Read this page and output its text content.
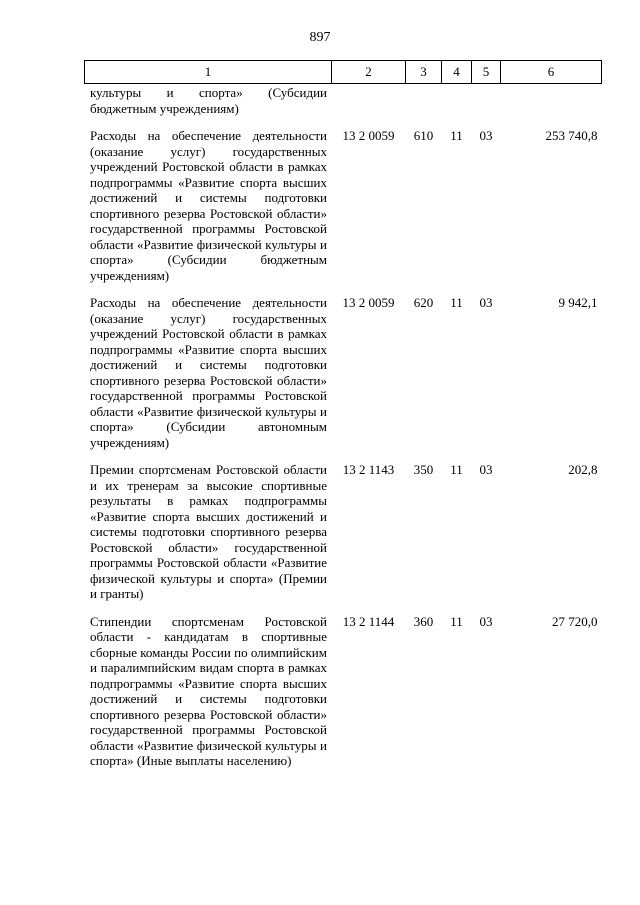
897
1	2	3	4	5	6
культуры и спорта» (Субсидии бюджетным учреждениям)					

Расходы на обеспечение деятельности (оказание услуг) государственных учреждений Ростовской области в рамках подпрограммы «Развитие спорта высших достижений и системы подготовки спортивного резерва Ростовской области» государственной программы Ростовской области «Развитие физической культуры и спорта» (Субсидии бюджетным учреждениям)	13 2 0059	610	11	03	253 740,8

Расходы на обеспечение деятельности (оказание услуг) государственных учреждений Ростовской области в рамках подпрограммы «Развитие спорта высших достижений и системы подготовки спортивного резерва Ростовской области» государственной программы Ростовской области «Развитие физической культуры и спорта» (Субсидии автономным учреждениям)	13 2 0059	620	11	03	9 942,1

Премии спортсменам Ростовской области и их тренерам за высокие спортивные результаты в рамках подпрограммы «Развитие спорта высших достижений и системы подготовки спортивного резерва Ростовской области» государственной программы Ростовской области «Развитие физической культуры и спорта» (Премии и гранты)	13 2 1143	350	11	03	202,8

Стипендии спортсменам Ростовской области - кандидатам в спортивные сборные команды России по олимпийским и паралимпийским видам спорта в рамках подпрограммы «Развитие спорта высших достижений и системы подготовки спортивного резерва Ростовской области» государственной программы Ростовской области «Развитие физической культуры и спорта» (Иные выплаты населению)	13 2 1144	360	11	03	27 720,0
